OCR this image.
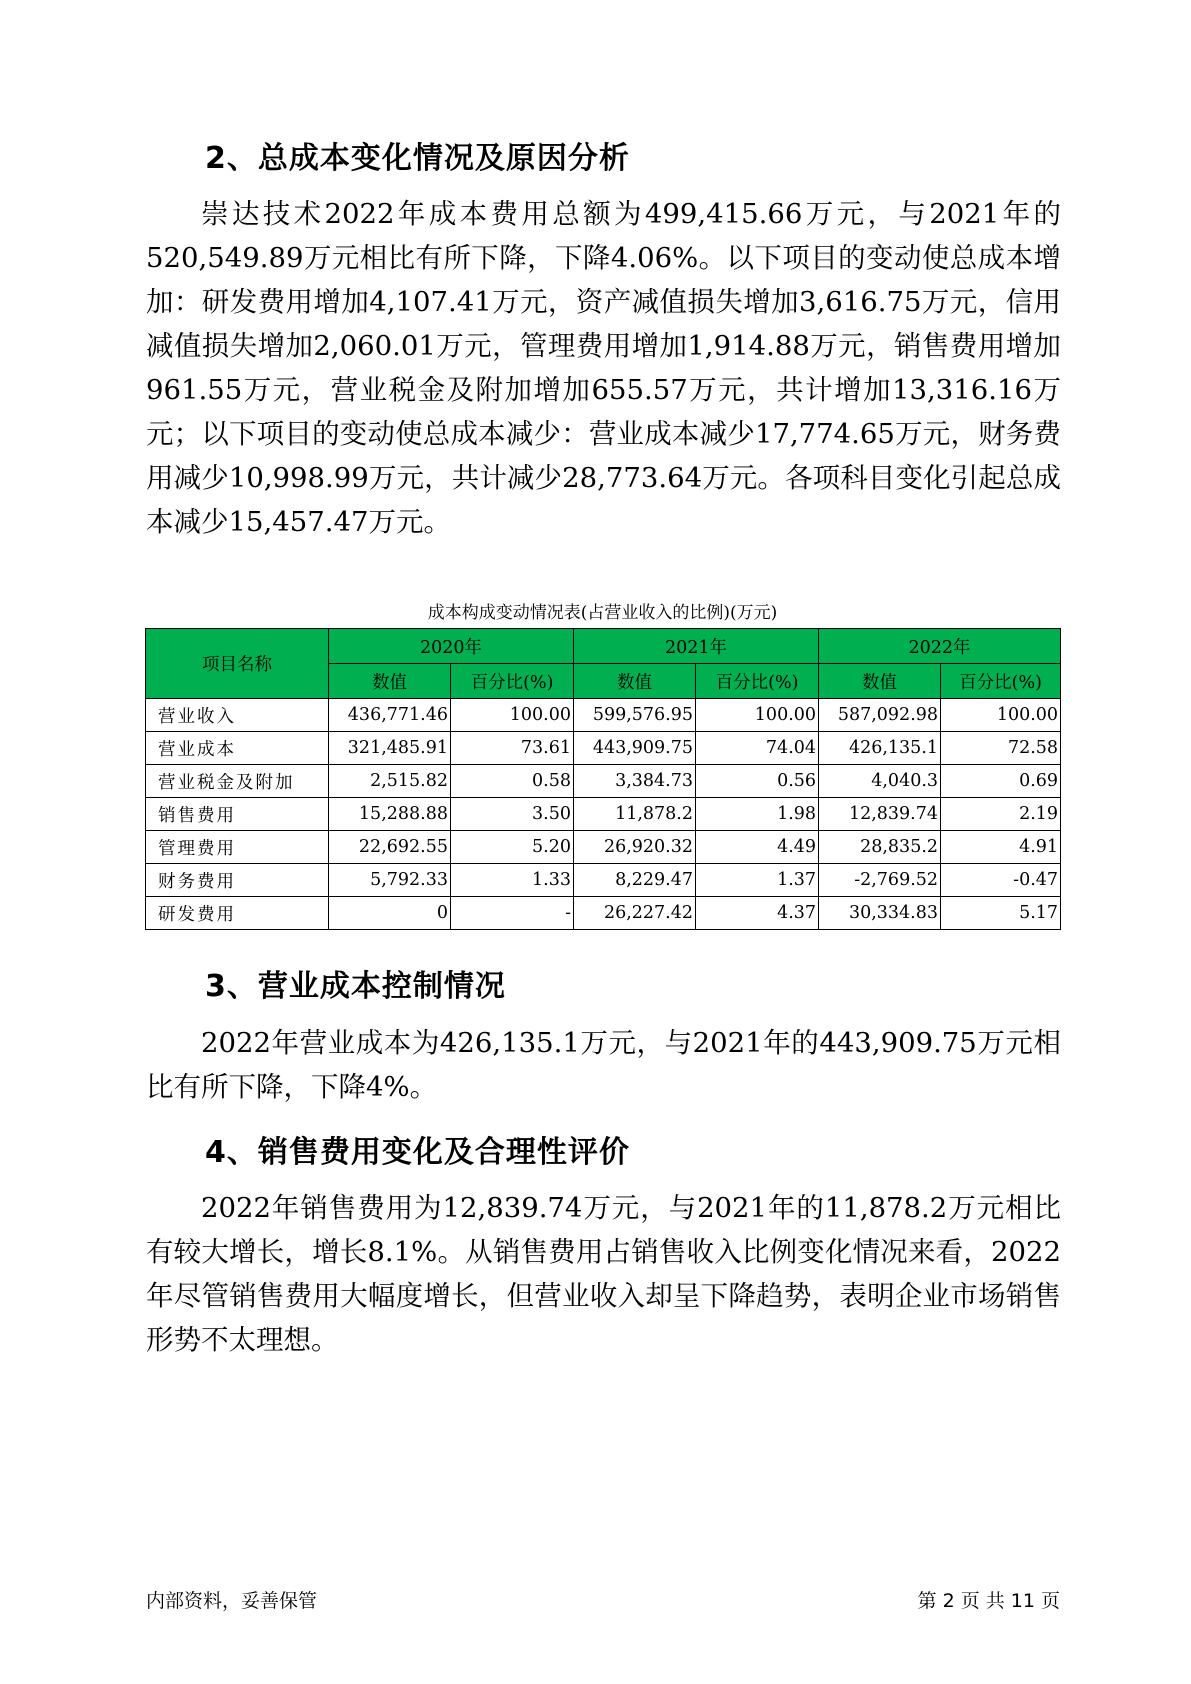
2、总成本变化情况及原因分析

崇达技术2022年成本费用总额为499,415.66万元，与2021年的520,549.89万元相比有所下降，下降4.06%。以下项目的变动使总成本增加：研发费用增加4,107.41万元，资产减值损失增加3,616.75万元，信用减值损失增加2,060.01万元，管理费用增加1,914.88万元，销售费用增加961.55万元，营业税金及附加增加655.57万元，共计增加13,316.16万元；以下项目的变动使总成本减少：营业成本减少17,774.65万元，财务费用减少10,998.99万元，共计减少28,773.64万元。各项科目变化引起总成本减少15,457.47万元。

成本构成变动情况表(占营业收入的比例)(万元)
项目名称	2020年		2021年		2022年	
	数值	百分比(%)	数值	百分比(%)	数值	百分比(%)
营业收入	436,771.46	100.00	599,576.95	100.00	587,092.98	100.00
营业成本	321,485.91	73.61	443,909.75	74.04	426,135.1	72.58
营业税金及附加	2,515.82	0.58	3,384.73	0.56	4,040.3	0.69
销售费用	15,288.88	3.50	11,878.2	1.98	12,839.74	2.19
管理费用	22,692.55	5.20	26,920.32	4.49	28,835.2	4.91
财务费用	5,792.33	1.33	8,229.47	1.37	-2,769.52	-0.47
研发费用	0	-	26,227.42	4.37	30,334.83	5.17
3、营业成本控制情况

2022年营业成本为426,135.1万元，与2021年的443,909.75万元相比有所下降，下降4%。

4、销售费用变化及合理性评价

2022年销售费用为12,839.74万元，与2021年的11,878.2万元相比有较大增长，增长8.1%。从销售费用占销售收入比例变化情况来看，2022年尽管销售费用大幅度增长，但营业收入却呈下降趋势，表明企业市场销售形势不太理想。

内部资料，妥善保管	第 2 页 共 11 页
